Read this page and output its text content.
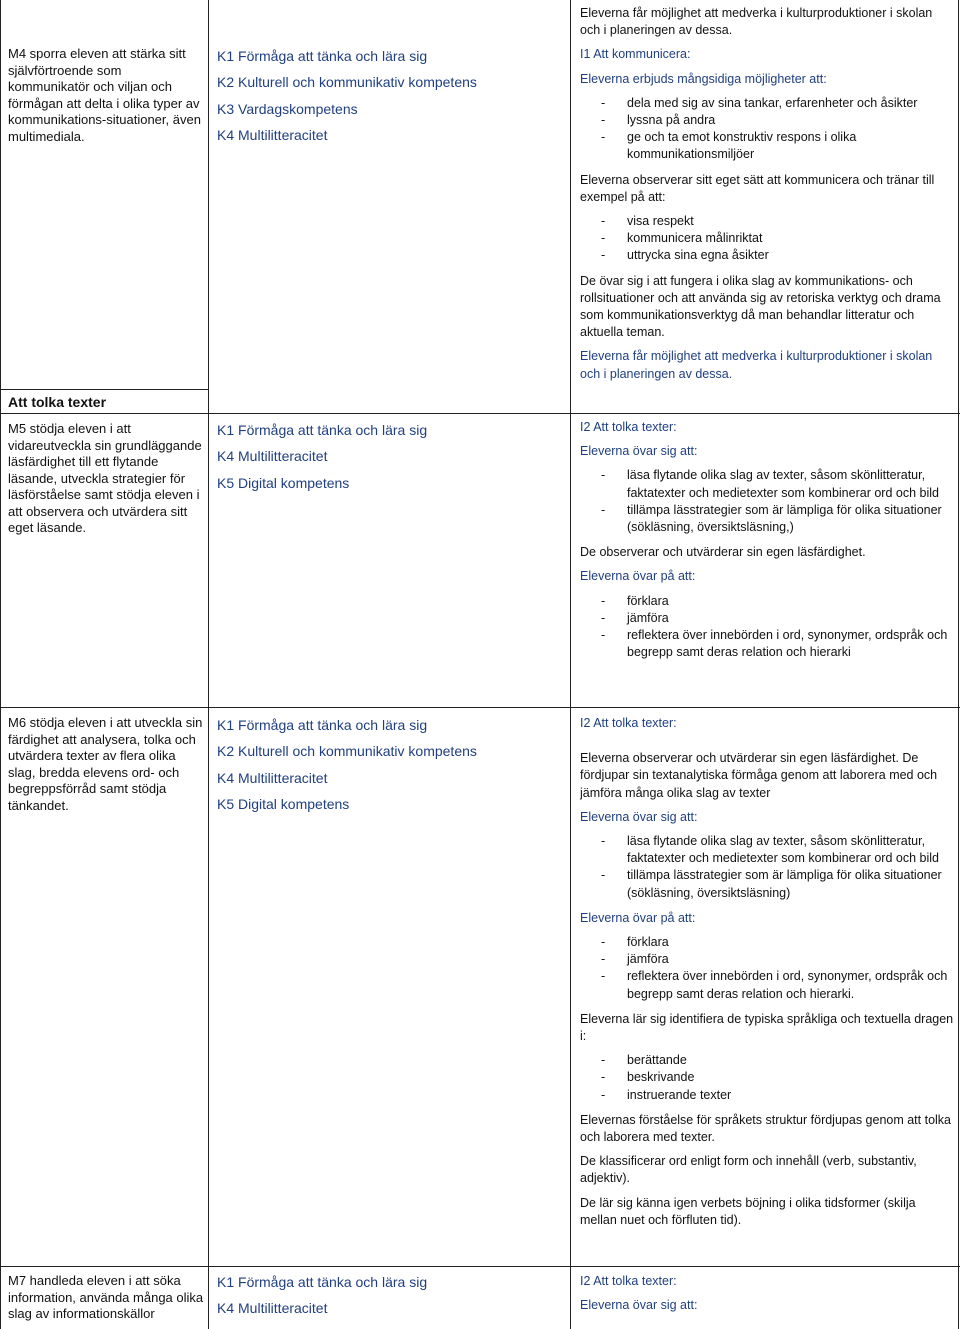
M4 sporra eleven att stärka sitt självförtroende som kommunikatör och viljan och förmågan att delta i olika typer av kommunikations-situationer, även multimediala.
K1 Förmåga att tänka och lära sig
K2 Kulturell och kommunikativ kompetens
K3 Vardagskompetens
K4 Multilitteracitet

Eleverna får möjlighet att medverka i kulturproduktioner i skolan och i planeringen av dessa.

I1 Att kommunicera:

Eleverna erbjuds mångsidiga möjligheter att:

- dela med sig av sina tankar, erfarenheter och åsikter
- lyssna på andra
- ge och ta emot konstruktiv respons i olika kommunikationsmiljöer

Eleverna observerar sitt eget sätt att kommunicera och tränar till exempel på att:

- visa respekt
- kommunicera målinriktat
- uttrycka sina egna åsikter

De övar sig i att fungera i olika slag av kommunikations- och rollsituationer och att använda sig av retoriska verktyg och drama som kommunikationsverktyg då man behandlar litteratur och aktuella teman.

Eleverna får möjlighet att medverka i kulturproduktioner i skolan och i planeringen av dessa.

Att tolka texter
M5 stödja eleven i att vidareutveckla sin grundläggande läsfärdighet till ett flytande läsande, utveckla strategier för läsförståelse samt stödja eleven i att observera och utvärdera sitt eget läsande.
K1 Förmåga att tänka och lära sig
K4 Multilitteracitet
K5 Digital kompetens

I2 Att tolka texter:

Eleverna övar sig att:

- läsa flytande olika slag av texter, såsom skönlitteratur, faktatexter och medietexter som kombinerar ord och bild
- tillämpa lässtrategier som är lämpliga för olika situationer (sökläsning, översiktsläsning,)

De observerar och utvärderar sin egen läsfärdighet.

Eleverna övar på att:

- förklara
- jämföra
- reflektera över innebörden i ord, synonymer, ordspråk och begrepp samt deras relation och hierarki
M6 stödja eleven i att utveckla sin färdighet att analysera, tolka och utvärdera texter av flera olika slag, bredda elevens ord- och begreppsförråd samt stödja tänkandet.
K1 Förmåga att tänka och lära sig
K2 Kulturell och kommunikativ kompetens
K4 Multilitteracitet
K5 Digital kompetens

I2 Att tolka texter:

Eleverna observerar och utvärderar sin egen läsfärdighet. De fördjupar sin textanalytiska förmåga genom att laborera med och jämföra många olika slag av texter

Eleverna övar sig att:

- läsa flytande olika slag av texter, såsom skönlitteratur, faktatexter och medietexter som kombinerar ord och bild
- tillämpa lässtrategier som är lämpliga för olika situationer (sökläsning, översiktsläsning)

Eleverna övar på att:

- förklara
- jämföra
- reflektera över innebörden i ord, synonymer, ordspråk och begrepp samt deras relation och hierarki.

Eleverna lär sig identifiera de typiska språkliga och textuella dragen i:

- berättande
- beskrivande
- instruerande texter

Elevernas förståelse för språkets struktur fördjupas genom att tolka och laborera med texter.

De klassificerar ord enligt form och innehåll (verb, substantiv, adjektiv).

De lär sig känna igen verbets böjning i olika tidsformer (skilja mellan nuet och förfluten tid).

M7 handleda eleven i att söka information, använda många olika slag av informationskällor
K1 Förmåga att tänka och lära sig
K4 Multilitteracitet

I2 Att tolka texter:

Eleverna övar sig att:
